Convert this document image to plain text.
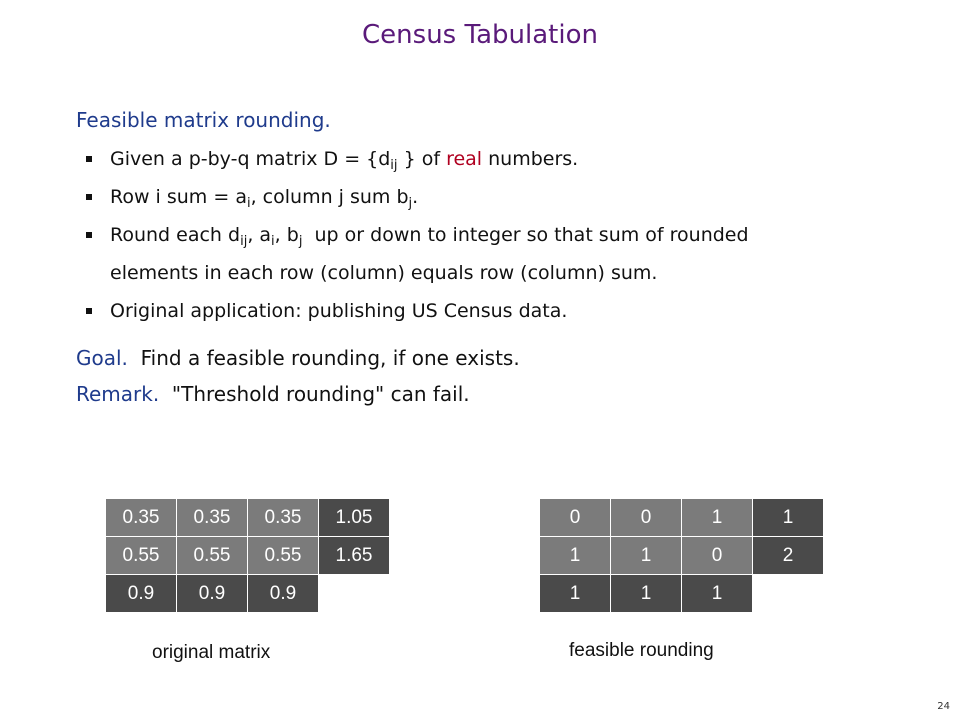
Census Tabulation
Feasible matrix rounding.
Given a p-by-q matrix $D = \{d_{ij}$ } of real numbers.
Row i sum = $a_i$, column j sum $b_j$.
Round each $d_{ij}$, $a_i$, $b_j$  up or down to integer so that sum of rounded
elements in each row (column) equals row (column) sum.
Original application: publishing US Census data.
Goal.  Find a feasible rounding, if one exists.
Remark.  "Threshold rounding" can fail.
0.35	0.35	0.35	1.05
0.55	0.55	0.55	1.65
0.9	0.9	0.9
original matrix
0	0	1	1
1	1	0	2
1	1	1
feasible rounding
24
